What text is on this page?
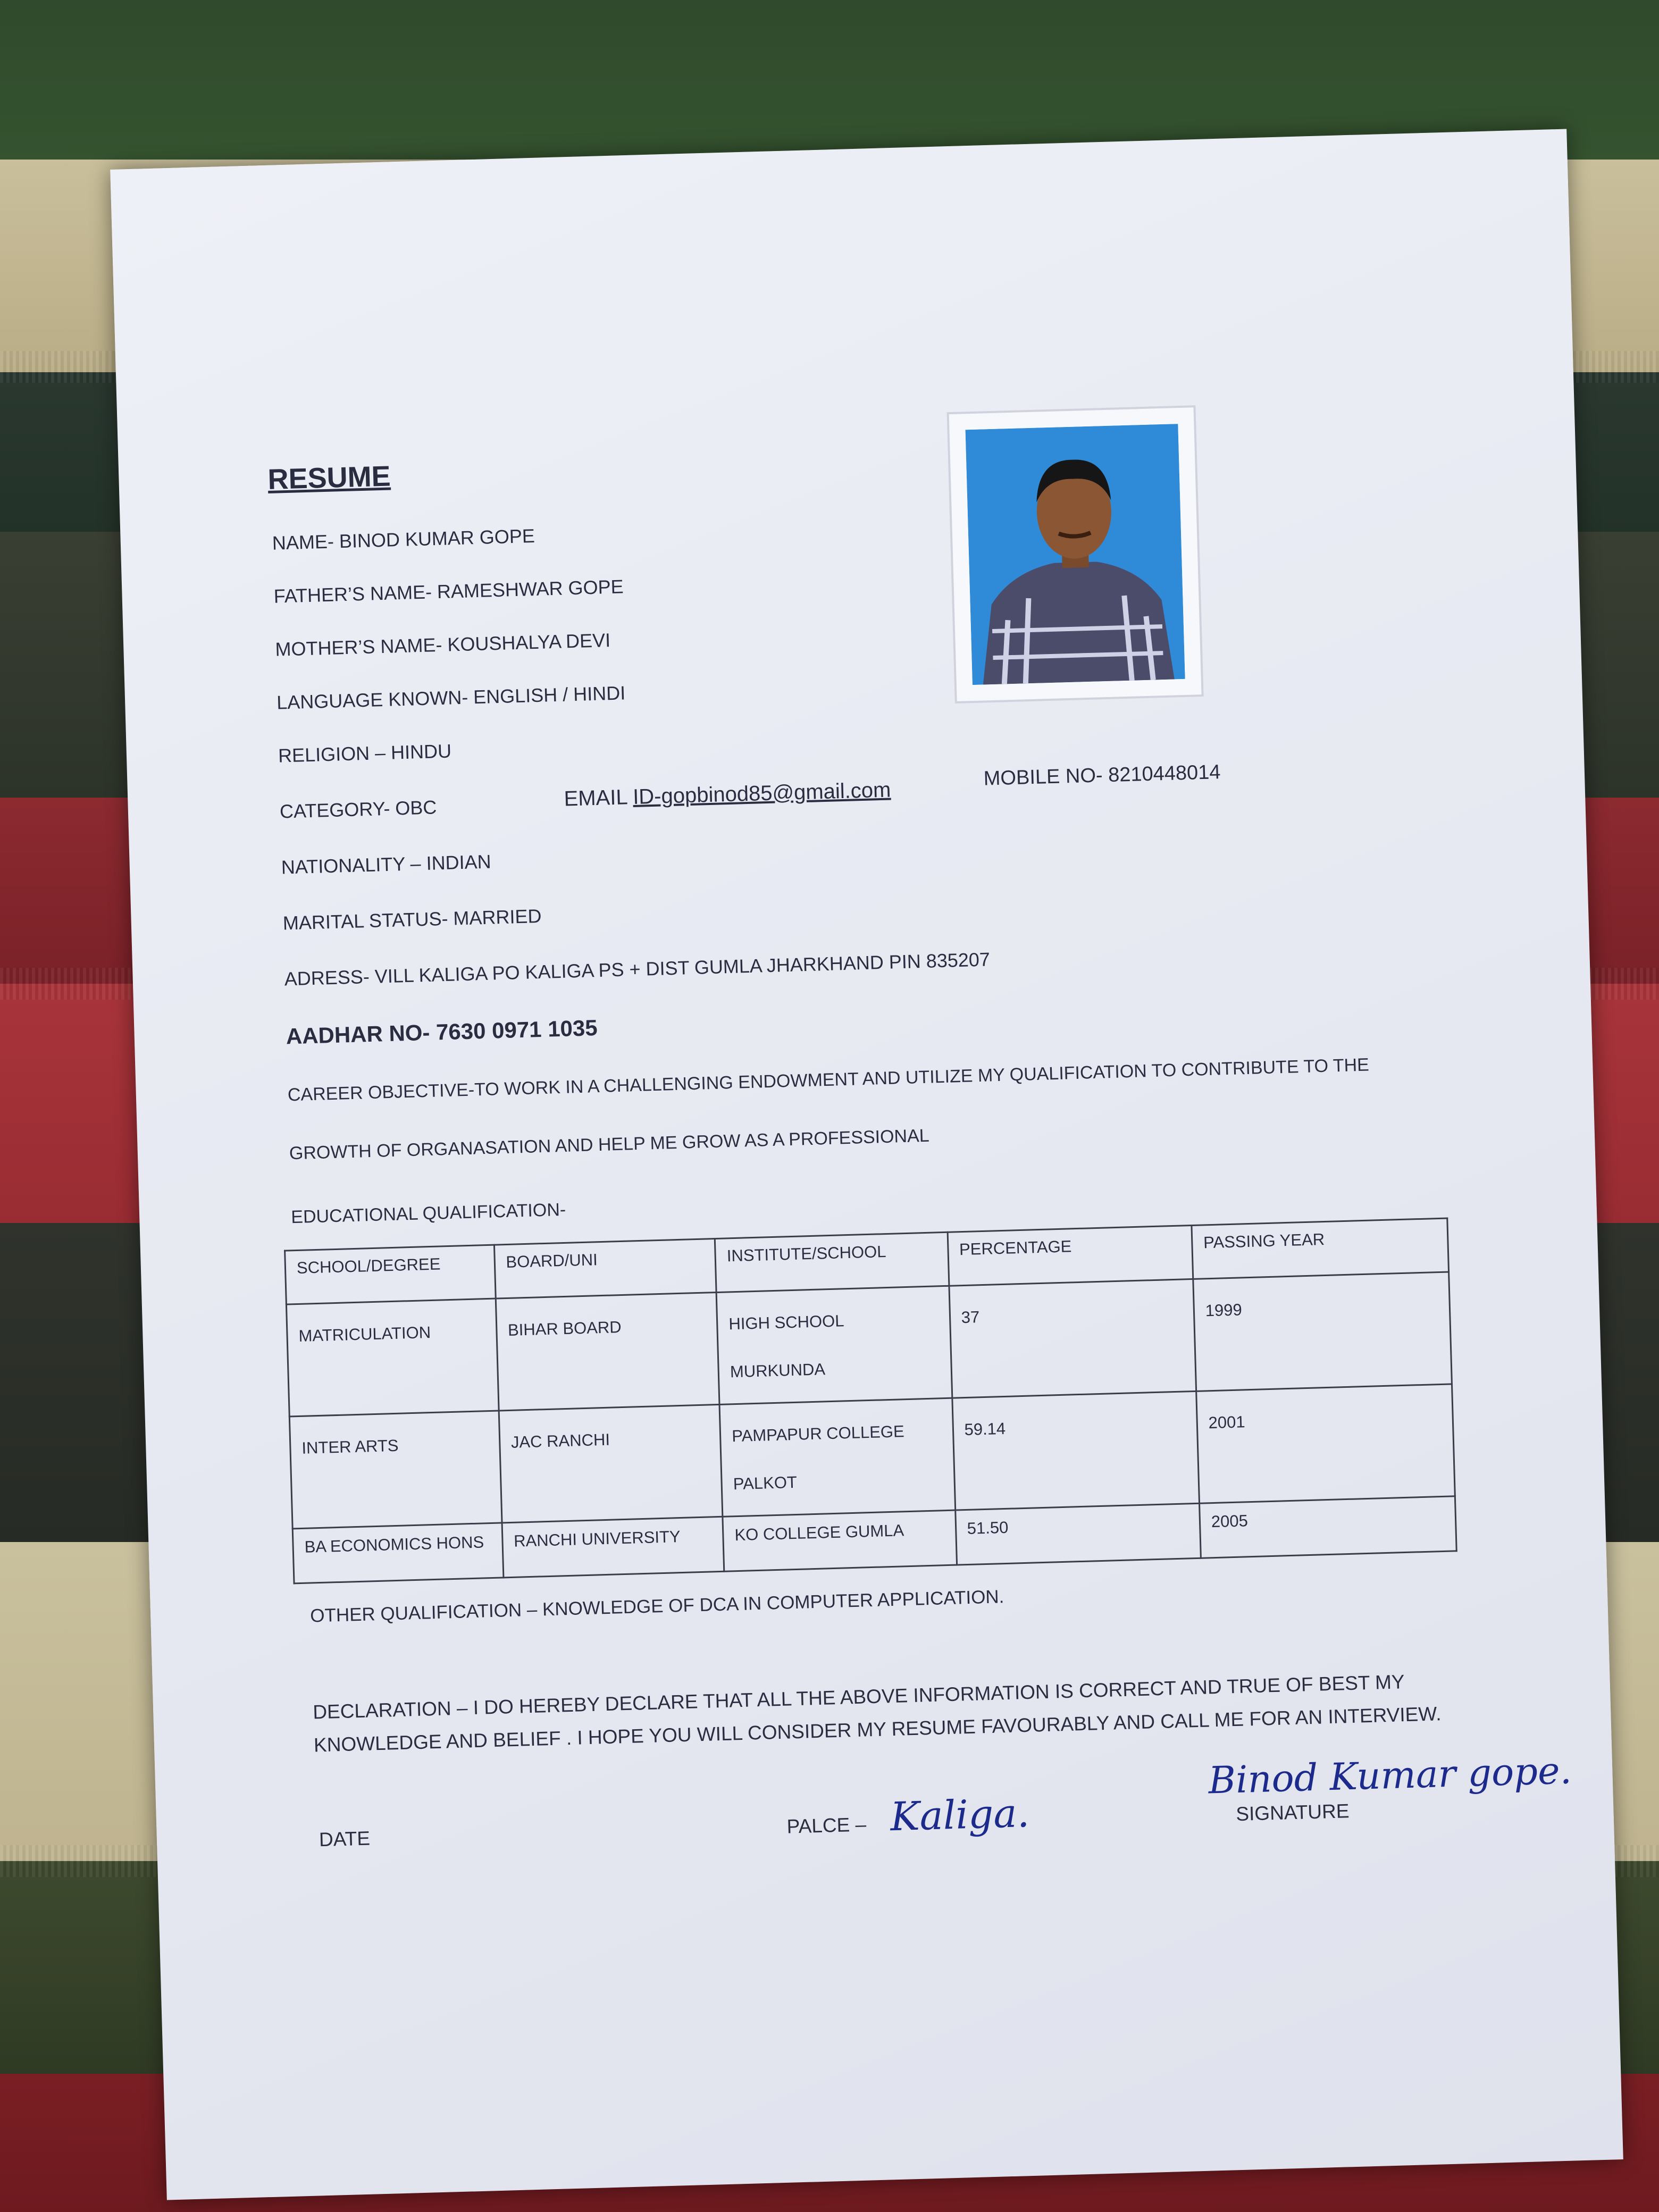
RESUME
NAME- BINOD KUMAR GOPE
FATHER’S NAME- RAMESHWAR GOPE
MOTHER’S NAME- KOUSHALYA DEVI
LANGUAGE KNOWN- ENGLISH / HINDI
RELIGION – HINDU
CATEGORY- OBC	EMAIL ID-gopbinod85@gmail.com
MOBILE NO- 8210448014
NATIONALITY – INDIAN
MARITAL STATUS- MARRIED
ADRESS- VILL KALIGA PO KALIGA PS + DIST GUMLA JHARKHAND PIN 835207
AADHAR NO- 7630 0971 1035
CAREER OBJECTIVE-TO WORK IN A CHALLENGING ENDOWMENT AND UTILIZE MY QUALIFICATION TO CONTRIBUTE TO THE
GROWTH OF ORGANASATION AND HELP ME GROW AS A PROFESSIONAL
EDUCATIONAL QUALIFICATION-
SCHOOL/DEGREE	BOARD/UNI	INSTITUTE/SCHOOL	PERCENTAGE	PASSING YEAR
MATRICULATION	BIHAR BOARD	HIGH SCHOOL MURKUNDA	37	1999
INTER ARTS	JAC RANCHI	PAMPAPUR COLLEGE PALKOT	59.14	2001
BA ECONOMICS HONS	RANCHI UNIVERSITY	KO COLLEGE GUMLA	51.50	2005
OTHER QUALIFICATION – KNOWLEDGE OF DCA IN COMPUTER APPLICATION.
DECLARATION – I DO HEREBY DECLARE THAT ALL THE ABOVE INFORMATION IS CORRECT AND TRUE OF BEST MY KNOWLEDGE AND BELIEF . I HOPE YOU WILL CONSIDER MY RESUME FAVOURABLY AND CALL ME FOR AN INTERVIEW.
DATE
PALCE – Kaliga.	SIGNATURE
Binod Kumar gope.
